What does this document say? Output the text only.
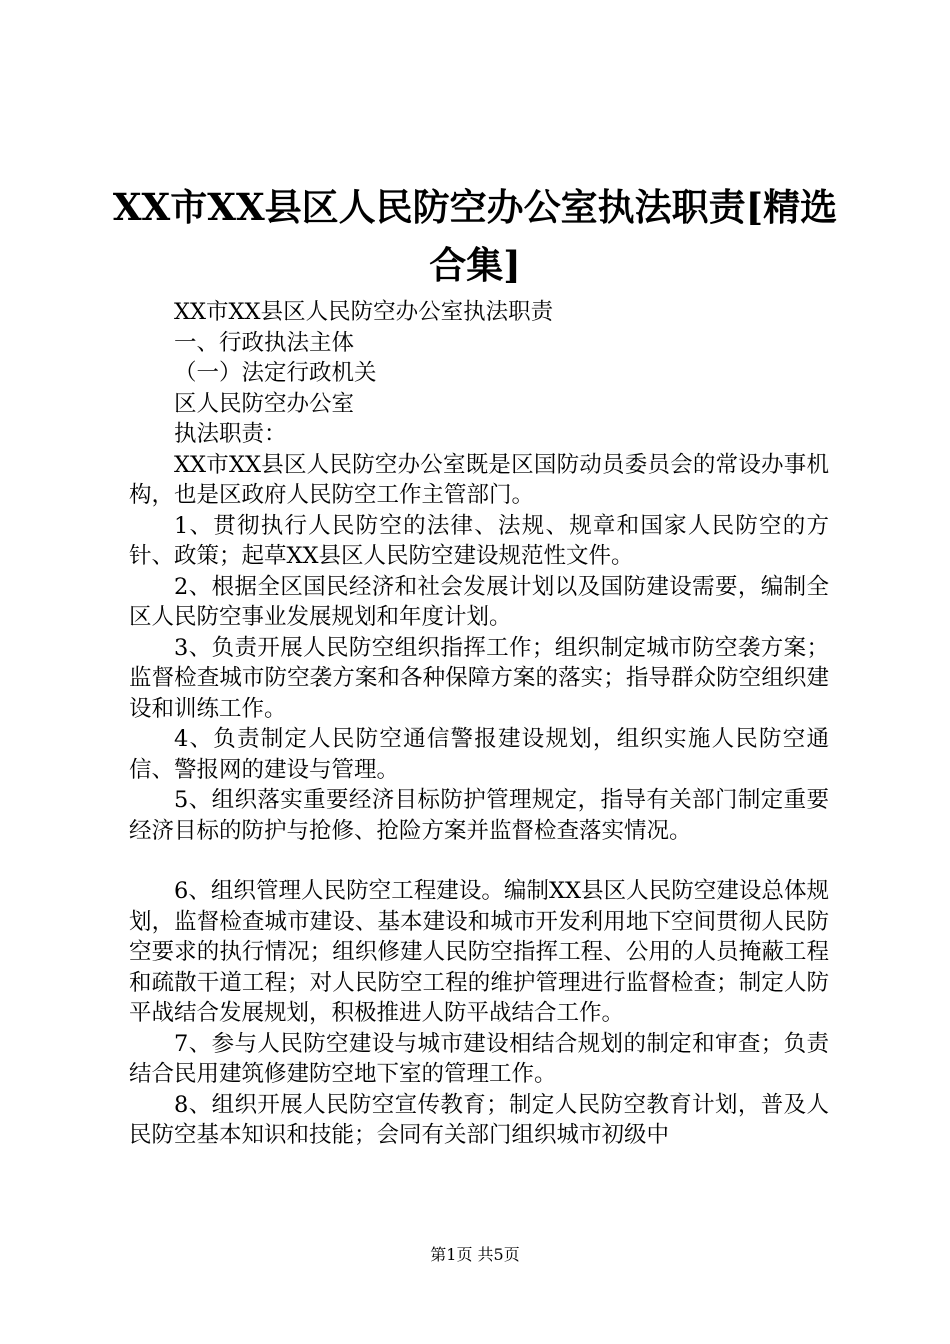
XX市XX县区人民防空办公室执法职责[精选合集]

XX市XX县区人民防空办公室执法职责

一、行政执法主体

（一）法定行政机关

区人民防空办公室

执法职责：

XX市XX县区人民防空办公室既是区国防动员委员会的常设办事机构，也是区政府人民防空工作主管部门。

1、贯彻执行人民防空的法律、法规、规章和国家人民防空的方针、政策；起草XX县区人民防空建设规范性文件。

2、根据全区国民经济和社会发展计划以及国防建设需要，编制全区人民防空事业发展规划和年度计划。

3、负责开展人民防空组织指挥工作；组织制定城市防空袭方案；监督检查城市防空袭方案和各种保障方案的落实；指导群众防空组织建设和训练工作。

4、负责制定人民防空通信警报建设规划，组织实施人民防空通信、警报网的建设与管理。

5、组织落实重要经济目标防护管理规定，指导有关部门制定重要经济目标的防护与抢修、抢险方案并监督检查落实情况。

6、组织管理人民防空工程建设。编制XX县区人民防空建设总体规划，监督检查城市建设、基本建设和城市开发利用地下空间贯彻人民防空要求的执行情况；组织修建人民防空指挥工程、公用的人员掩蔽工程和疏散干道工程；对人民防空工程的维护管理进行监督检查；制定人防平战结合发展规划，积极推进人防平战结合工作。

7、参与人民防空建设与城市建设相结合规划的制定和审查；负责结合民用建筑修建防空地下室的管理工作。

8、组织开展人民防空宣传教育；制定人民防空教育计划，普及人民防空基本知识和技能；会同有关部门组织城市初级中

第1页 共5页
